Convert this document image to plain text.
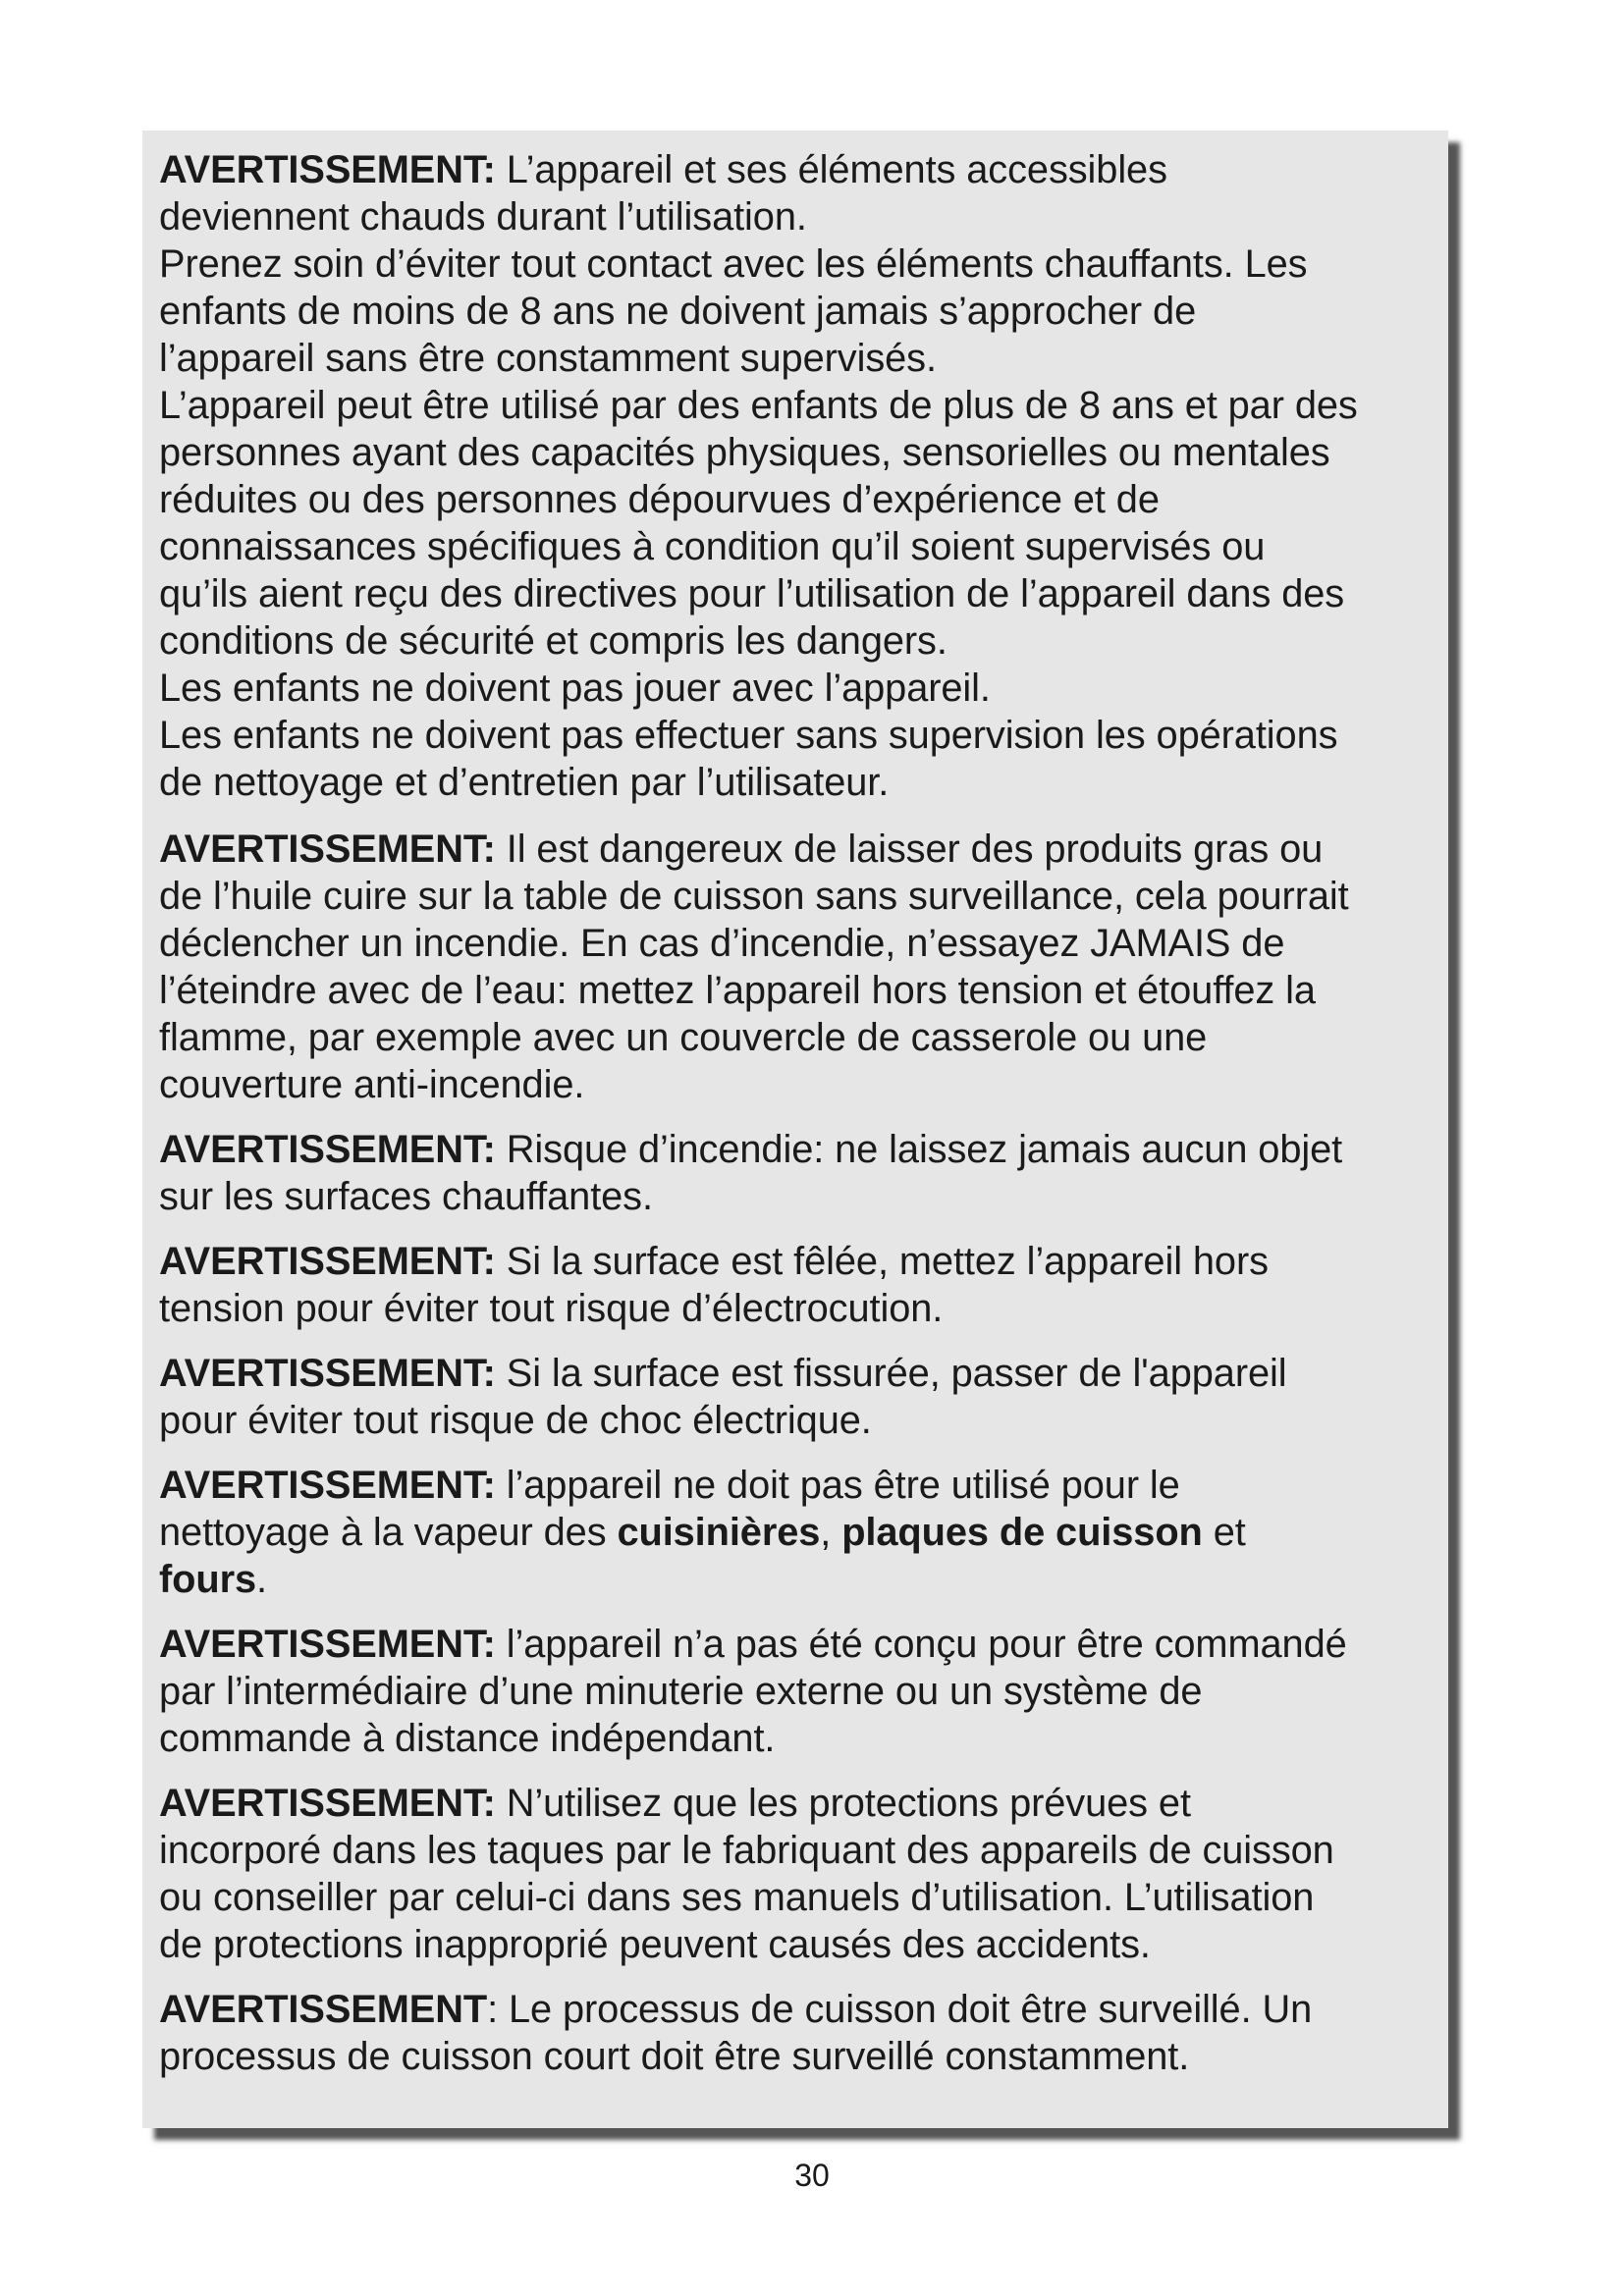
AVERTISSEMENT: L’appareil et ses éléments accessibles
deviennent chauds durant l’utilisation.
Prenez soin d’éviter tout contact avec les éléments chauffants. Les
enfants de moins de 8 ans ne doivent jamais s’approcher de
l’appareil sans être constamment supervisés.
L’appareil peut être utilisé par des enfants de plus de 8 ans et par des
personnes ayant des capacités physiques, sensorielles ou mentales
réduites ou des personnes dépourvues d’expérience et de
connaissances spécifiques à condition qu’il soient supervisés ou
qu’ils aient reçu des directives pour l’utilisation de l’appareil dans des
conditions de sécurité et compris les dangers.
Les enfants ne doivent pas jouer avec l’appareil.
Les enfants ne doivent pas effectuer sans supervision les opérations
de nettoyage et d’entretien par l’utilisateur.
AVERTISSEMENT: Il est dangereux de laisser des produits gras ou
de l’huile cuire sur la table de cuisson sans surveillance, cela pourrait
déclencher un incendie. En cas d’incendie, n’essayez JAMAIS de
l’éteindre avec de l’eau: mettez l’appareil hors tension et étouffez la
flamme, par exemple avec un couvercle de casserole ou une
couverture anti-incendie.
AVERTISSEMENT: Risque d’incendie: ne laissez jamais aucun objet
sur les surfaces chauffantes.
AVERTISSEMENT: Si la surface est fêlée, mettez l’appareil hors
tension pour éviter tout risque d’électrocution.
AVERTISSEMENT: Si la surface est fissurée, passer de l'appareil
pour éviter tout risque de choc électrique.
AVERTISSEMENT: l’appareil ne doit pas être utilisé pour le
nettoyage à la vapeur des cuisinières, plaques de cuisson et
fours.
AVERTISSEMENT: l’appareil n’a pas été conçu pour être commandé
par l’intermédiaire d’une minuterie externe ou un système de
commande à distance indépendant.
AVERTISSEMENT: N’utilisez que les protections prévues et
incorporé dans les taques par le fabriquant des appareils de cuisson
ou conseiller par celui-ci dans ses manuels d’utilisation. L’utilisation
de protections inapproprié peuvent causés des accidents.
AVERTISSEMENT: Le processus de cuisson doit être surveillé. Un
processus de cuisson court doit être surveillé constamment.
30
